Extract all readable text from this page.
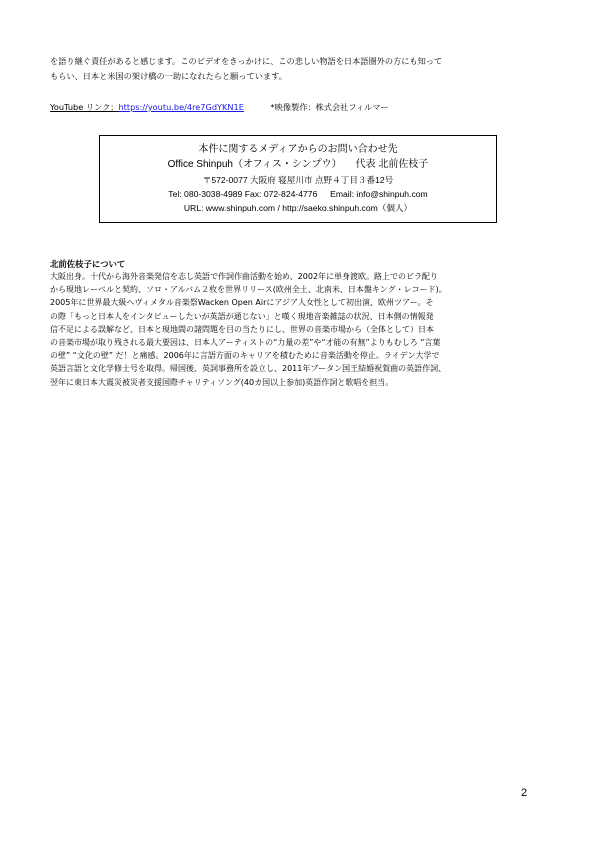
を語り継ぐ責任があると感じます。このビデオをきっかけに、この悲しい物語を日本語圏外の方にも知って

もらい、日本と米国の架け橋の一助になれたらと願っています。

YouTube リンク：https://youtu.be/4re7GdYKN1E	*映像製作：株式会社フィルマー
本件に関するメディアからのお問い合わせ先
Office Shinpuh（オフィス・シンプウ） 代表 北前佐枝子
〒572-0077 大阪府 寝屋川市 点野４丁目３番12号
Tel: 080-3038-4989 Fax: 072-824-4776 Email: info@shinpuh.com
URL: www.shinpuh.com / http://saeko.shinpuh.com（個人）
北前佐枝子について
大阪出身。十代から海外音楽発信を志し英語で作詞作曲活動を始め、2002年に単身渡欧。路上でのビラ配り
から現地レーベルと契約、ソロ・アルバム２枚を世界リリース(欧州全土、北南米、日本盤キング・レコード)。
2005年に世界最大級ヘヴィメタル音楽祭Wacken Open Airにアジア人女性として初出演、欧州ツアー。そ
の際「もっと日本人をインタビューしたいが英語が通じない」と嘆く現地音楽雑誌の状況、日本側の情報発
信不足による誤解など、日本と現地間の諸問題を目の当たりにし、世界の音楽市場から（全体として）日本
の音楽市場が取り残される最大要因は、日本人アーティストの“力量の差”や“才能の有無”よりもむしろ “言葉
の壁” “文化の壁” だ！と痛感。2006年に言語方面のキャリアを積むために音楽活動を停止。ライデン大学で
英語言語と文化学修士号を取得。帰国後、英詞事務所を設立し、2011年ブータン国王結婚祝賀曲の英語作詞、
翌年に東日本大震災被災者支援国際チャリティソング(40カ国以上参加)英語作詞と歌唱を担当。
2
